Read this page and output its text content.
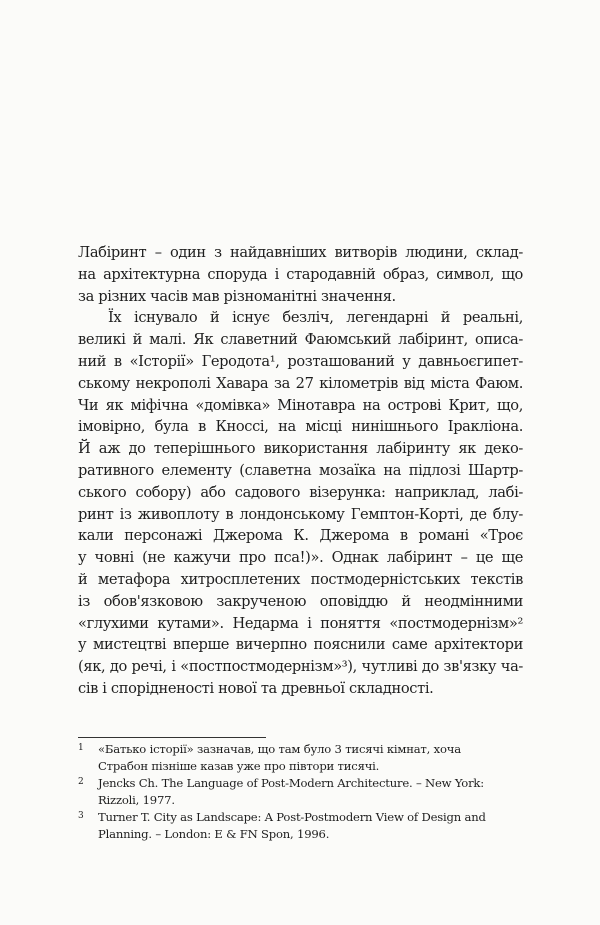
Лабіринт – один з найдавніших витворів людини, склад-
на архітектурна споруда і стародавній образ, символ, що
за різних часів мав різноманітні значення.
Їх існувало й існує безліч, легендарні й реальні,
великі й малі. Як славетний Фаюмський лабіринт, описа-
ний в «Історії» Геродота¹, розташований у давньоєгипет-
ському некрополі Хавара за 27 кілометрів від міста Фаюм.
Чи як міфічна «домівка» Мінотавра на острові Крит, що,
імовірно, була в Кноссі, на місці нинішнього Іракліона.
Й аж до теперішнього використання лабіринту як деко-
ративного елементу (славетна мозаїка на підлозі Шартр-
ського собору) або садового візерунка: наприклад, лабі-
ринт із живоплоту в лондонському Гемптон-Корті, де блу-
кали персонажі Джерома К. Джерома в романі «Троє
у човні (не кажучи про пса!)». Однак лабіринт – це ще
й метафора хитросплетених постмодерністських текстів
із обов'язковою закрученою оповіддю й неодмінними
«глухими кутами». Недарма і поняття «постмодернізм»²
у мистецтві вперше вичерпно пояснили саме архітектори
(як, до речі, і «постпостмодернізм»³), чутливі до зв'язку ча-
сів і спорідненості нової та древньої складності.
1	«Батько історії» зазначав, що там було 3 тисячі кімнат, хоча
Страбон пізніше казав уже про півтори тисячі.
2	Jencks Ch. The Language of Post-Modern Architecture. – New York:
Rizzoli, 1977.
3	Turner T. City as Landscape: A Post-Postmodern View of Design and
Planning. – London: E & FN Spon, 1996.
